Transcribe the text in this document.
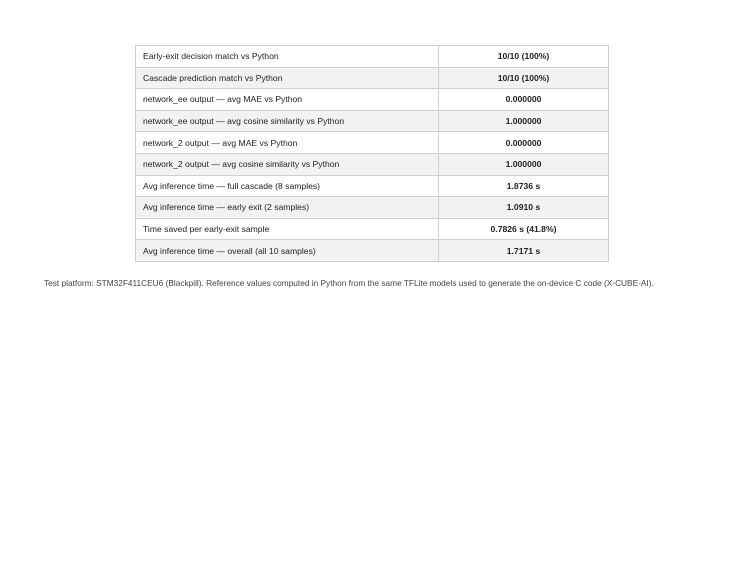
Early-exit decision match vs Python	10/10 (100%)
Cascade prediction match vs Python	10/10 (100%)
network_ee output — avg MAE vs Python	0.000000
network_ee output — avg cosine similarity vs Python	1.000000
network_2 output — avg MAE vs Python	0.000000
network_2 output — avg cosine similarity vs Python	1.000000
Avg inference time — full cascade (8 samples)	1.8736 s
Avg inference time — early exit (2 samples)	1.0910 s
Time saved per early-exit sample	0.7826 s (41.8%)
Avg inference time — overall (all 10 samples)	1.7171 s
Test platform: STM32F411CEU6 (Blackpill). Reference values computed in Python from the same TFLite models used to generate the on-device C code (X-CUBE-AI).
